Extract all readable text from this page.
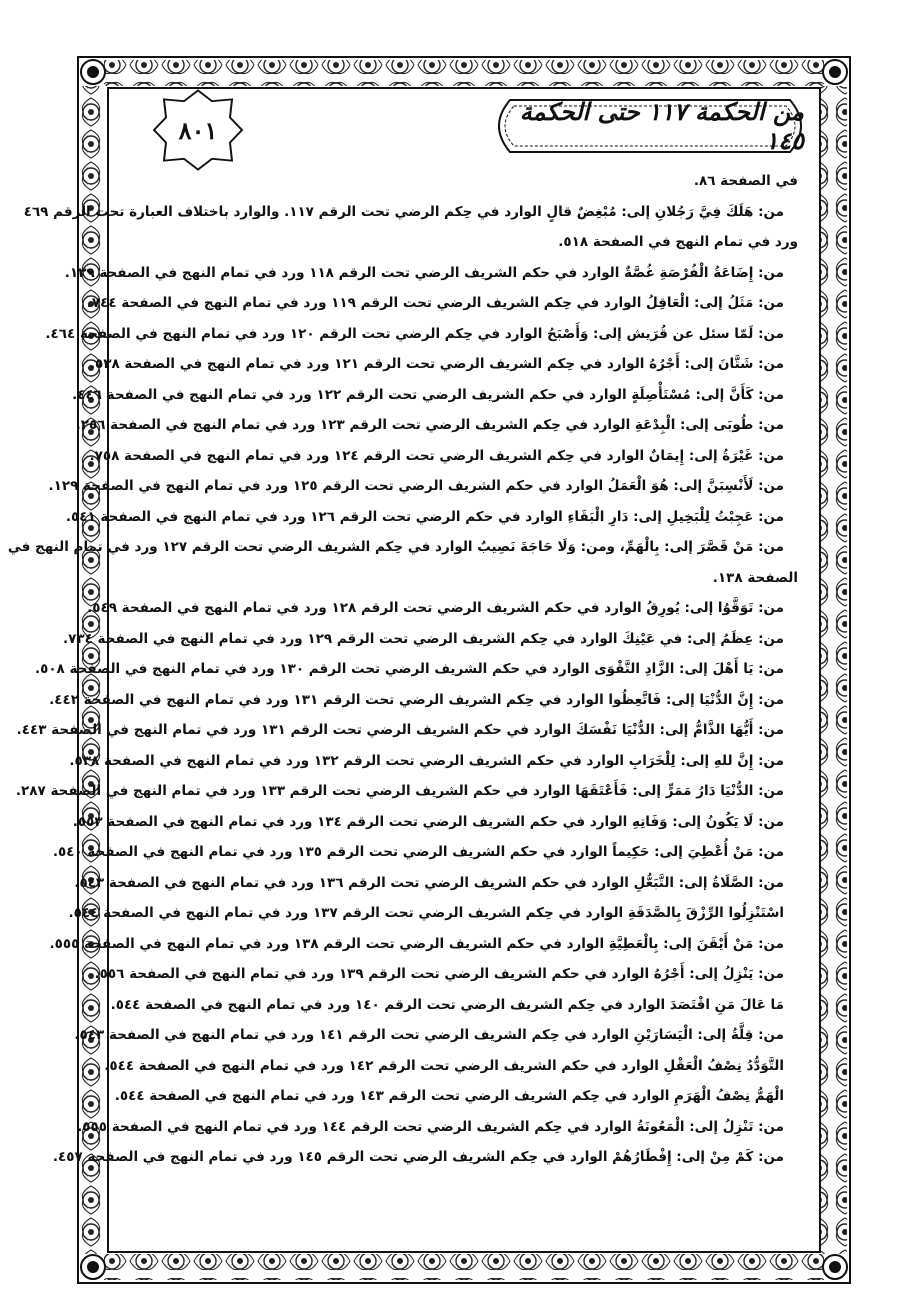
من الحكمة ١١٧ حتى الحكمة ١٤٥
٨٠١
في الصفحة ٨٦.
من: هَلَكَ فِيَّ رَجُلانِ إلى: مُبْغِضٌ قالٍ الوارد في حِكم الرضي تحت الرقم ١١٧. والوارد باختلاف العبارة تحت الرقم ٤٦٩
ورد في تمام النهج في الصفحة ٥١٨.
من: إِضَاعَةُ الْفُرْصَةِ غُصَّةٌ الوارد في حكم الشريف الرضي تحت الرقم ١١٨ ورد في تمام النهج في الصفحة ١٣٩.
من: مَثَلُ إلى: الْعَاقِلُ الوارد في حِكم الشريف الرضي تحت الرقم ١١٩ ورد في تمام النهج في الصفحة ٧٤٤.
من: لَمّا سئل عن قُرَيش إلى: وَأَصْبَحُ الوارد في حِكم الرضي تحت الرقم ١٢٠ ورد في تمام النهج في الصفحة ٤٦٤.
من: شَتَّانَ إلى: أَجْرُهُ الوارد في حِكم الشريف الرضي تحت الرقم ١٢١ ورد في تمام النهج في الصفحة ٥٣٨.
من: كَأَنَّ إلى: مُسْتَأْصِلَةٍ الوارد في حكم الشريف الرضي تحت الرقم ١٢٢ ورد في تمام النهج في الصفحة ٤٤٦.
من: طُوبَى إلى: الْبِدْعَةِ الوارد في حِكم الشريف الرضي تحت الرقم ١٢٣ ورد في تمام النهج في الصفحة ٢٥٦.
من: غَيْرَةُ إلى: إِيمَانٌ الوارد في حِكم الشريف الرضي تحت الرقم ١٢٤ ورد في تمام النهج في الصفحة ٧٥٨.
من: لَأَنْسِبَنَّ إلى: هُوَ الْعَمَلُ الوارد في حكم الشريف الرضي تحت الرقم ١٢٥ ورد في تمام النهج في الصفحة ١٢٩.
من: عَجِبْتُ لِلْبَخِيلِ إلى: دَارِ الْبَقَاءِ الوارد في حكم الرضي تحت الرقم ١٢٦ ورد في تمام النهج في الصفحة ٥٤١.
من: مَنْ قَصَّرَ إلى: بِالْهَمِّ، ومن: وَلَا حَاجَةَ نَصِيبٌ الوارد في حِكم الشريف الرضي تحت الرقم ١٢٧ ورد في تمام النهج في
الصفحة ١٣٨.
من: تَوَقَّوُا إلى: يُورِقُ الوارد في حكم الشريف الرضي تحت الرقم ١٢٨ ورد في تمام النهج في الصفحة ٥٤٩.
من: عِظَمُ إلى: في عَيْنِكَ الوارد في حِكم الشريف الرضي تحت الرقم ١٢٩ ورد في تمام النهج في الصفحة ٧٣٤.
من: يَا أَهْلَ إلى: الزَّادِ التَّقْوَى الوارد في حكم الشريف الرضي تحت الرقم ١٣٠ ورد في تمام النهج في الصفحة ٥٠٨.
من: إِنَّ الدُّنْيَا إلى: فَاتَّعِظُوا الوارد في حِكم الشريف الرضي تحت الرقم ١٣١ ورد في تمام النهج في الصفحة ٤٤٢.
من: أَيُّهَا الذَّامُّ إلى: الدُّنْيَا نَفْسَكَ الوارد في حكم الشريف الرضي تحت الرقم ١٣١ ورد في تمام النهج في الصفحة ٤٤٣.
من: إِنَّ للهِ إلى: لِلْخَرَابِ الوارد في حكم الشريف الرضي تحت الرقم ١٣٢ ورد في تمام النهج في الصفحة ٥٣٨.
من: الدُّنْيَا دَارُ مَمَرٍّ إلى: فَأَعْتَقَهَا الوارد في حكم الشريف الرضي تحت الرقم ١٣٣ ورد في تمام النهج في الصفحة ٢٨٧.
من: لَا يَكُونُ إلى: وَفَاتِهِ الوارد في حكم الشريف الرضي تحت الرقم ١٣٤ ورد في تمام النهج في الصفحة ٥٥٣.
من: مَنْ أُعْطِيَ إلى: حَكِيماً الوارد في حكم الشريف الرضي تحت الرقم ١٣٥ ورد في تمام النهج في الصفحة ٥٤٠.
من: الصَّلَاةُ إلى: التَّبَعُّلِ الوارد في حكم الشريف الرضي تحت الرقم ١٣٦ ورد في تمام النهج في الصفحة ٥٤٣.
اسْتَنْزِلُوا الرِّزْقَ بِالصَّدَقَةِ الوارد في حِكم الشريف الرضي تحت الرقم ١٣٧ ورد في تمام النهج في الصفحة ٥٤٤.
من: مَنْ أَيْقَنَ إلى: بِالْعَطِيَّةِ الوارد في حكم الشريف الرضي تحت الرقم ١٣٨ ورد في تمام النهج في الصفحة ٥٥٥.
من: يَنْزِلُ إلى: أَجْرُهُ الوارد في حكم الشريف الرضي تحت الرقم ١٣٩ ورد في تمام النهج في الصفحة ٥٥٦.
مَا عَالَ مَنِ اقْتَصَدَ الوارد في حِكم الشريف الرضي تحت الرقم ١٤٠ ورد في تمام النهج في الصفحة ٥٤٤.
من: قِلَّةُ إلى: الْيَسَارَيْنِ الوارد في حِكم الشريف الرضي تحت الرقم ١٤١ ورد في تمام النهج في الصفحة ٥٤٣.
التَّوَدُّدُ نِصْفُ الْعَقْلِ الوارد في حكم الشريف الرضي تحت الرقم ١٤٢ ورد في تمام النهج في الصفحة ٥٤٤.
الْهَمُّ نِصْفُ الْهَرَمِ الوارد في حِكم الشريف الرضي تحت الرقم ١٤٣ ورد في تمام النهج في الصفحة ٥٤٤.
من: تَنْزِلُ إلى: الْمَعُونَةُ الوارد في حِكم الشريف الرضي تحت الرقم ١٤٤ ورد في تمام النهج في الصفحة ٥٥٥.
من: كَمْ مِنْ إلى: إِفْطَارُهُمْ الوارد في حِكم الشريف الرضي تحت الرقم ١٤٥ ورد في تمام النهج في الصفحة ٤٥٧.
